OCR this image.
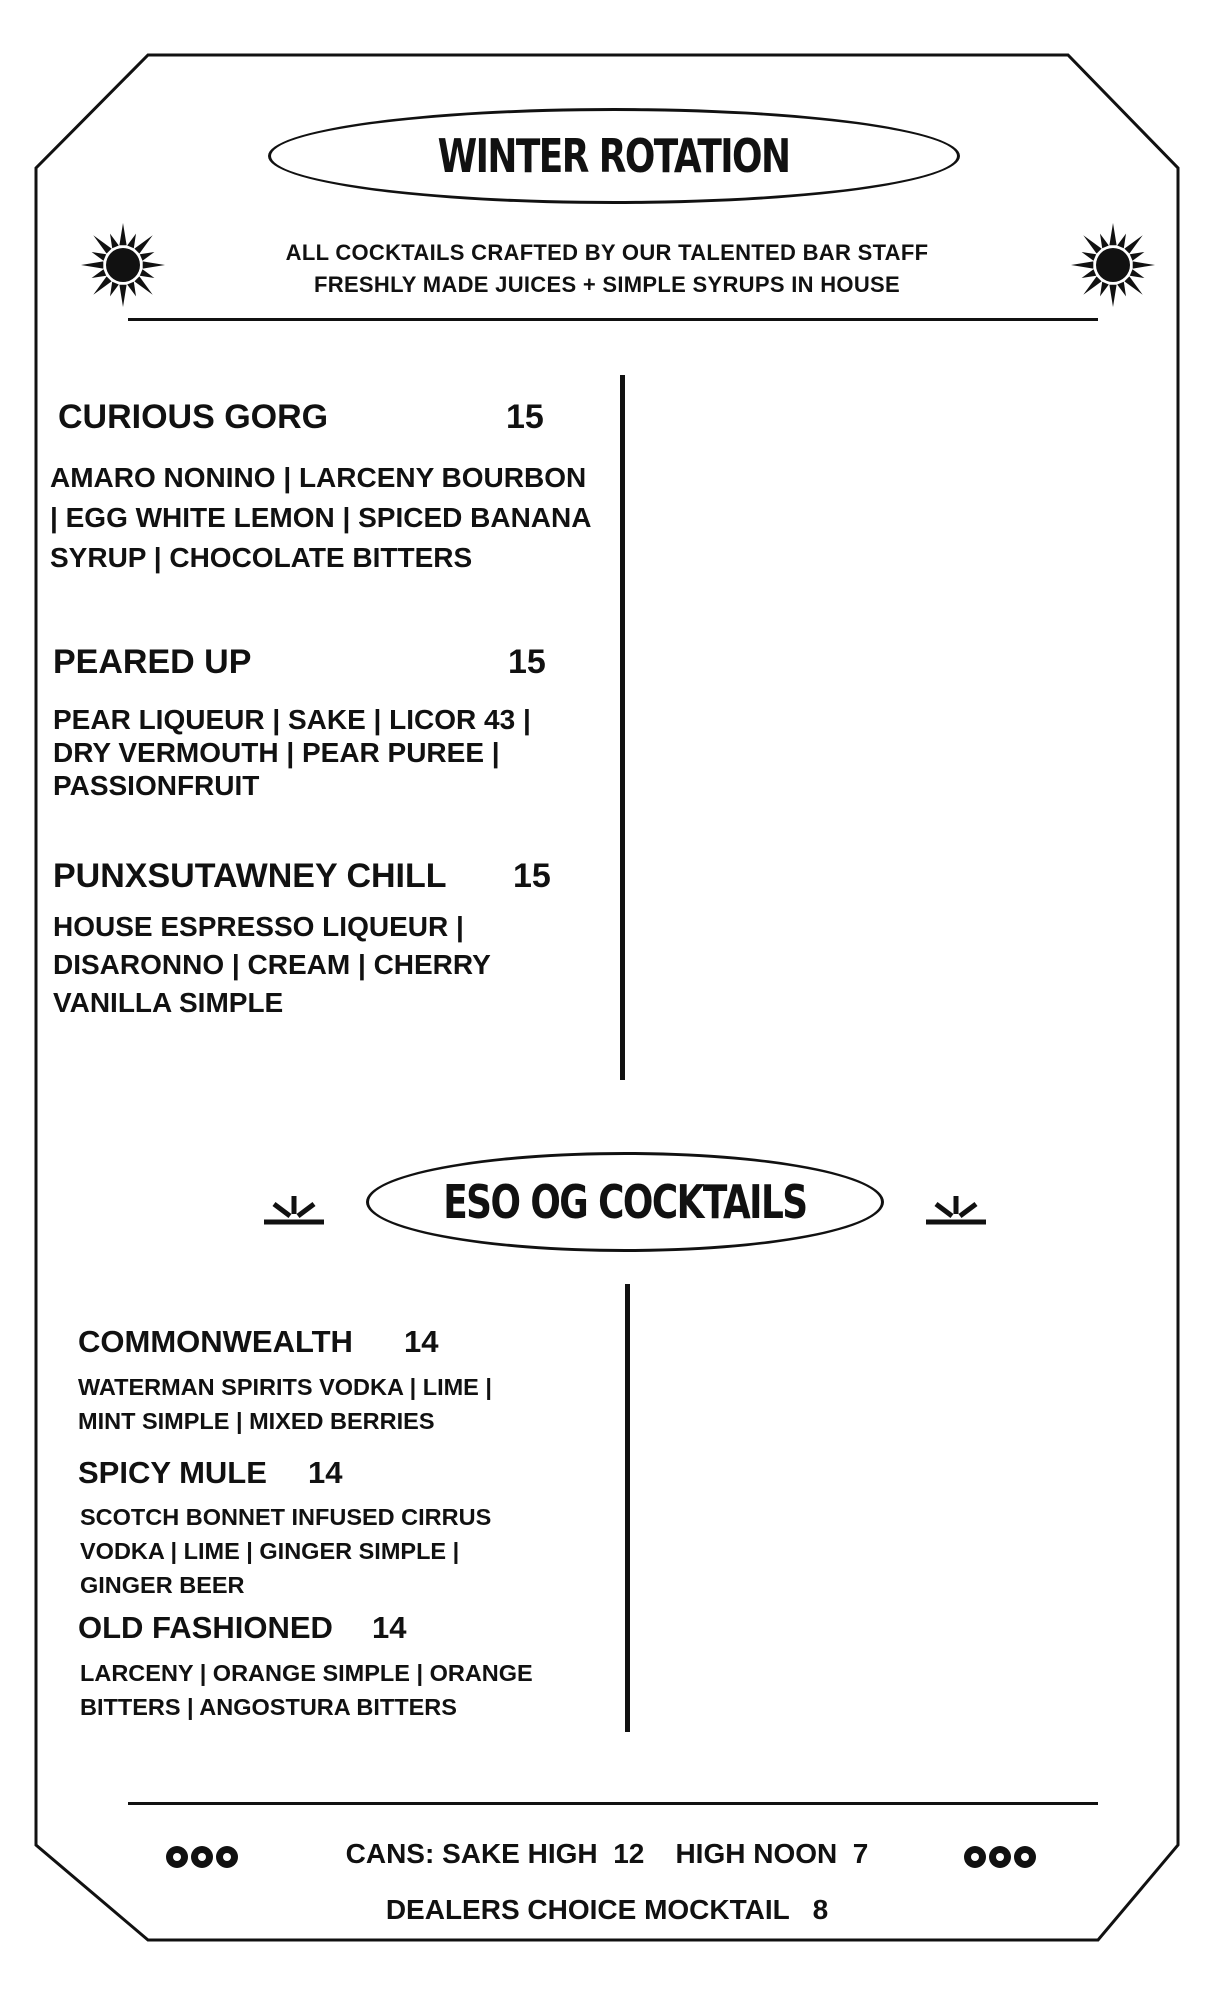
WINTER ROTATION
ALL COCKTAILS CRAFTED BY OUR TALENTED BAR STAFF
FRESHLY MADE JUICES + SIMPLE SYRUPS IN HOUSE
CURIOUS GORG	15
AMARO NONINO | LARCENY BOURBON
| EGG WHITE LEMON | SPICED BANANA
SYRUP | CHOCOLATE BITTERS
PEARED UP	15
PEAR LIQUEUR | SAKE | LICOR 43 |
DRY VERMOUTH | PEAR PUREE |
PASSIONFRUIT
PUNXSUTAWNEY CHILL 15
HOUSE ESPRESSO LIQUEUR |
DISARONNO | CREAM | CHERRY
VANILLA SIMPLE
ESO OG COCKTAILS
COMMONWEALTH 14
WATERMAN SPIRITS VODKA | LIME |
MINT SIMPLE | MIXED BERRIES
SPICY MULE 14
SCOTCH BONNET INFUSED CIRRUS
VODKA | LIME | GINGER SIMPLE |
GINGER BEER
OLD FASHIONED 14
LARCENY | ORANGE SIMPLE | ORANGE
BITTERS | ANGOSTURA BITTERS
CANS: SAKE HIGH  12    HIGH NOON  7
DEALERS CHOICE MOCKTAIL   8
